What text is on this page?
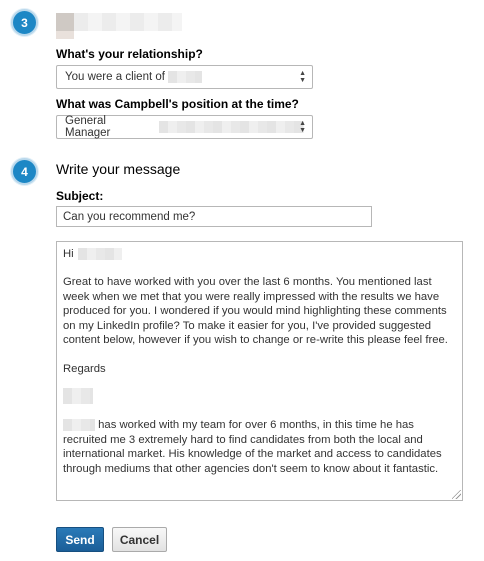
3
What's your relationship?
You were a client of	▲
▼
What was Campbell's position at the time?
General Manager
▲
▼
4	Write your message
Subject:
Can you recommend me?

Hi

Great to have worked with you over the last 6 months. You mentioned last week when we met that you were really impressed with the results we have produced for you. I wondered if you would mind highlighting these comments on my LinkedIn profile? To make it easier for you, I've provided suggested content below, however if you wish to change or re-write this please feel free.

Regards

has worked with my team for over 6 months, in this time he has recruited me 3 extremely hard to find candidates from both the local and international market. His knowledge of the market and access to candidates through mediums that other agencies don't seem to know about it fantastic.

Send	Cancel
